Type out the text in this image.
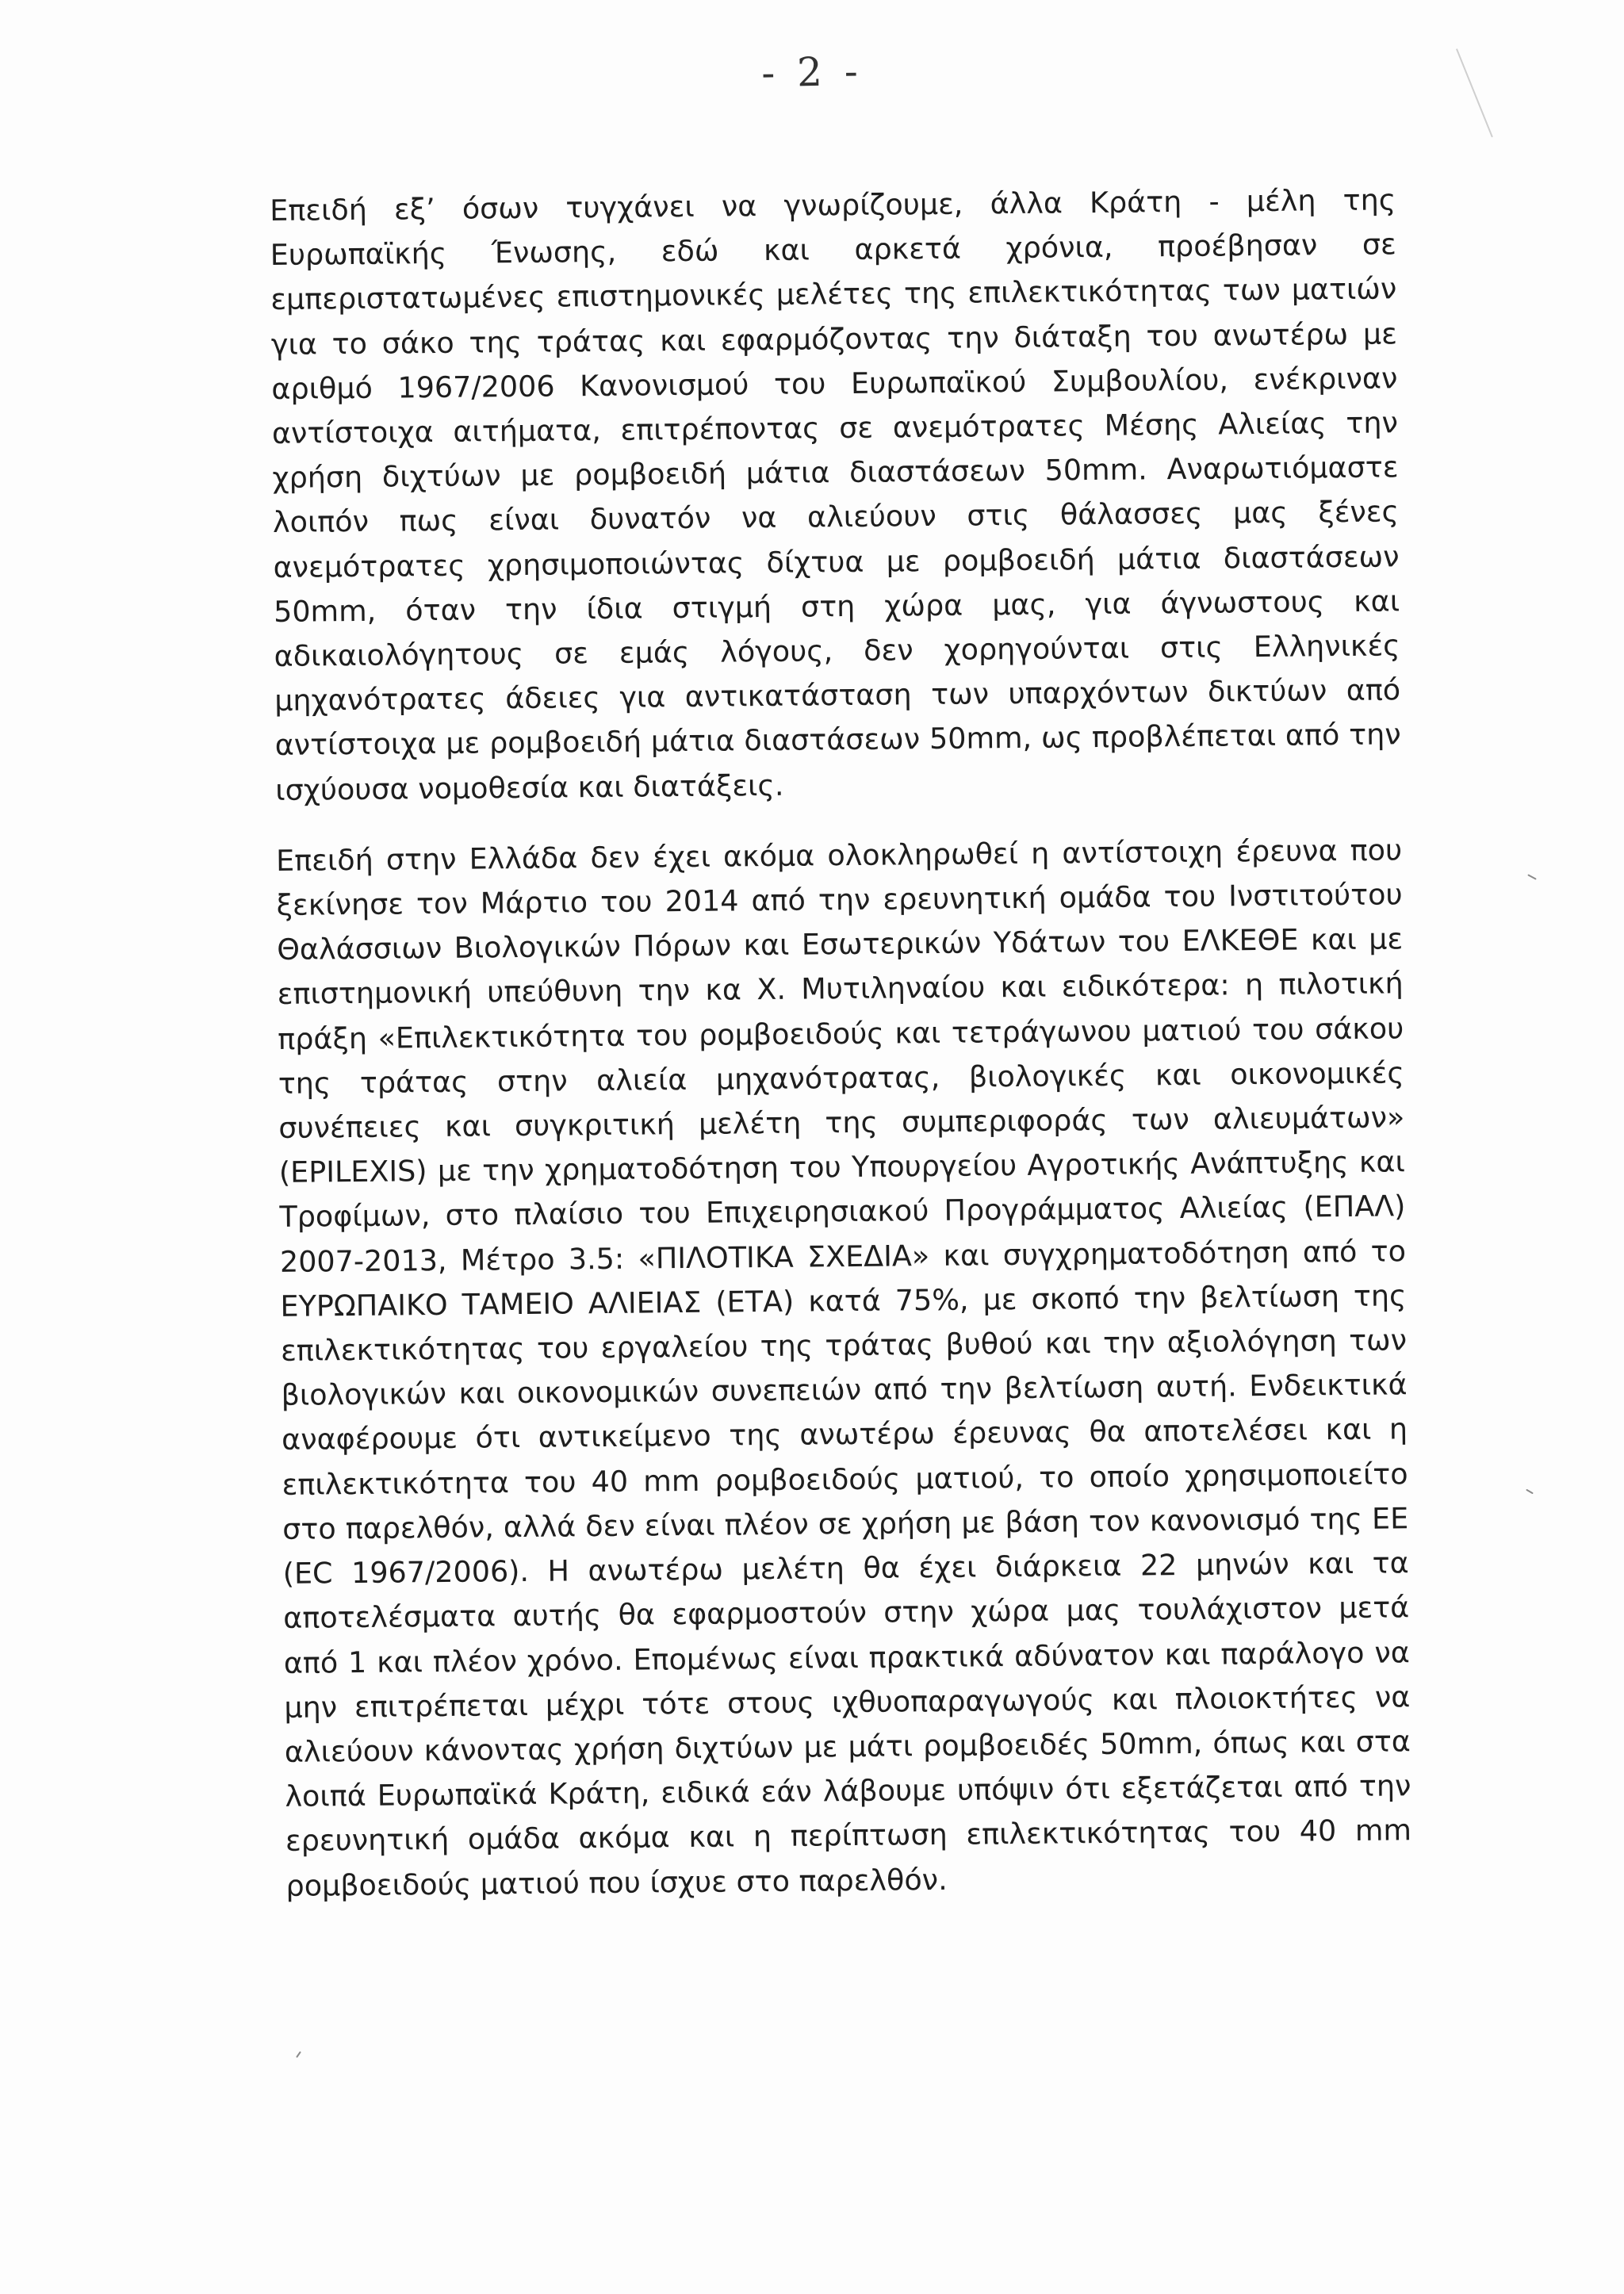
- 2 -

Επειδή εξ’ όσων τυγχάνει να γνωρίζουμε, άλλα Κράτη - μέλη της Ευρωπαϊκής Ένωσης, εδώ και αρκετά χρόνια, προέβησαν σε εμπεριστατωμένες επιστημονικές μελέτες της επιλεκτικότητας των ματιών για το σάκο της τράτας και εφαρμόζοντας την διάταξη του ανωτέρω με αριθμό 1967/2006 Κανονισμού του Ευρωπαϊκού Συμβουλίου, ενέκριναν αντίστοιχα αιτήματα, επιτρέποντας σε ανεμότρατες Μέσης Αλιείας την χρήση διχτύων με ρομβοειδή μάτια διαστάσεων 50mm. Αναρωτιόμαστε λοιπόν πως είναι δυνατόν να αλιεύουν στις θάλασσες μας ξένες ανεμότρατες χρησιμοποιώντας δίχτυα με ρομβοειδή μάτια διαστάσεων 50mm, όταν την ίδια στιγμή στη χώρα μας, για άγνωστους και αδικαιολόγητους σε εμάς λόγους, δεν χορηγούνται στις Ελληνικές μηχανότρατες άδειες για αντικατάσταση των υπαρχόντων δικτύων από αντίστοιχα με ρομβοειδή μάτια διαστάσεων 50mm, ως προβλέπεται από την ισχύουσα νομοθεσία και διατάξεις.

Επειδή στην Ελλάδα δεν έχει ακόμα ολοκληρωθεί η αντίστοιχη έρευνα που ξεκίνησε τον Μάρτιο του 2014 από την ερευνητική ομάδα του Ινστιτούτου Θαλάσσιων Βιολογικών Πόρων και Εσωτερικών Υδάτων του ΕΛΚΕΘΕ και με επιστημονική υπεύθυνη την κα Χ. Μυτιληναίου και ειδικότερα: η πιλοτική πράξη «Επιλεκτικότητα του ρομβοειδούς και τετράγωνου ματιού του σάκου της τράτας στην αλιεία μηχανότρατας, βιολογικές και οικονομικές συνέπειες και συγκριτική μελέτη της συμπεριφοράς των αλιευμάτων» (EPILEXIS) με την χρηματοδότηση του Υπουργείου Αγροτικής Ανάπτυξης και Τροφίμων, στο πλαίσιο του Επιχειρησιακού Προγράμματος Αλιείας (ΕΠΑΛ) 2007-2013, Μέτρο 3.5: «ΠΙΛΟΤΙΚΑ ΣΧΕΔΙΑ» και συγχρηματοδότηση από το ΕΥΡΩΠΑΙΚΟ ΤΑΜΕΙΟ ΑΛΙΕΙΑΣ (ΕΤΑ) κατά 75%, με σκοπό την βελτίωση της επιλεκτικότητας του εργαλείου της τράτας βυθού και την αξιολόγηση των βιολογικών και οικονομικών συνεπειών από την βελτίωση αυτή. Ενδεικτικά αναφέρουμε ότι αντικείμενο της ανωτέρω έρευνας θα αποτελέσει και η επιλεκτικότητα του 40 mm ρομβοειδούς ματιού, το οποίο χρησιμοποιείτο στο παρελθόν, αλλά δεν είναι πλέον σε χρήση με βάση τον κανονισμό της ΕΕ (EC 1967/2006). Η ανωτέρω μελέτη θα έχει διάρκεια 22 μηνών και τα αποτελέσματα αυτής θα εφαρμοστούν στην χώρα μας τουλάχιστον μετά από 1 και πλέον χρόνο. Επομένως είναι πρακτικά αδύνατον και παράλογο να μην επιτρέπεται μέχρι τότε στους ιχθυοπαραγωγούς και πλοιοκτήτες να αλιεύουν κάνοντας χρήση διχτύων με μάτι ρομβοειδές 50mm, όπως και στα λοιπά Ευρωπαϊκά Κράτη, ειδικά εάν λάβουμε υπόψιν ότι εξετάζεται από την ερευνητική ομάδα ακόμα και η περίπτωση επιλεκτικότητας του 40 mm ρομβοειδούς ματιού που ίσχυε στο παρελθόν.
